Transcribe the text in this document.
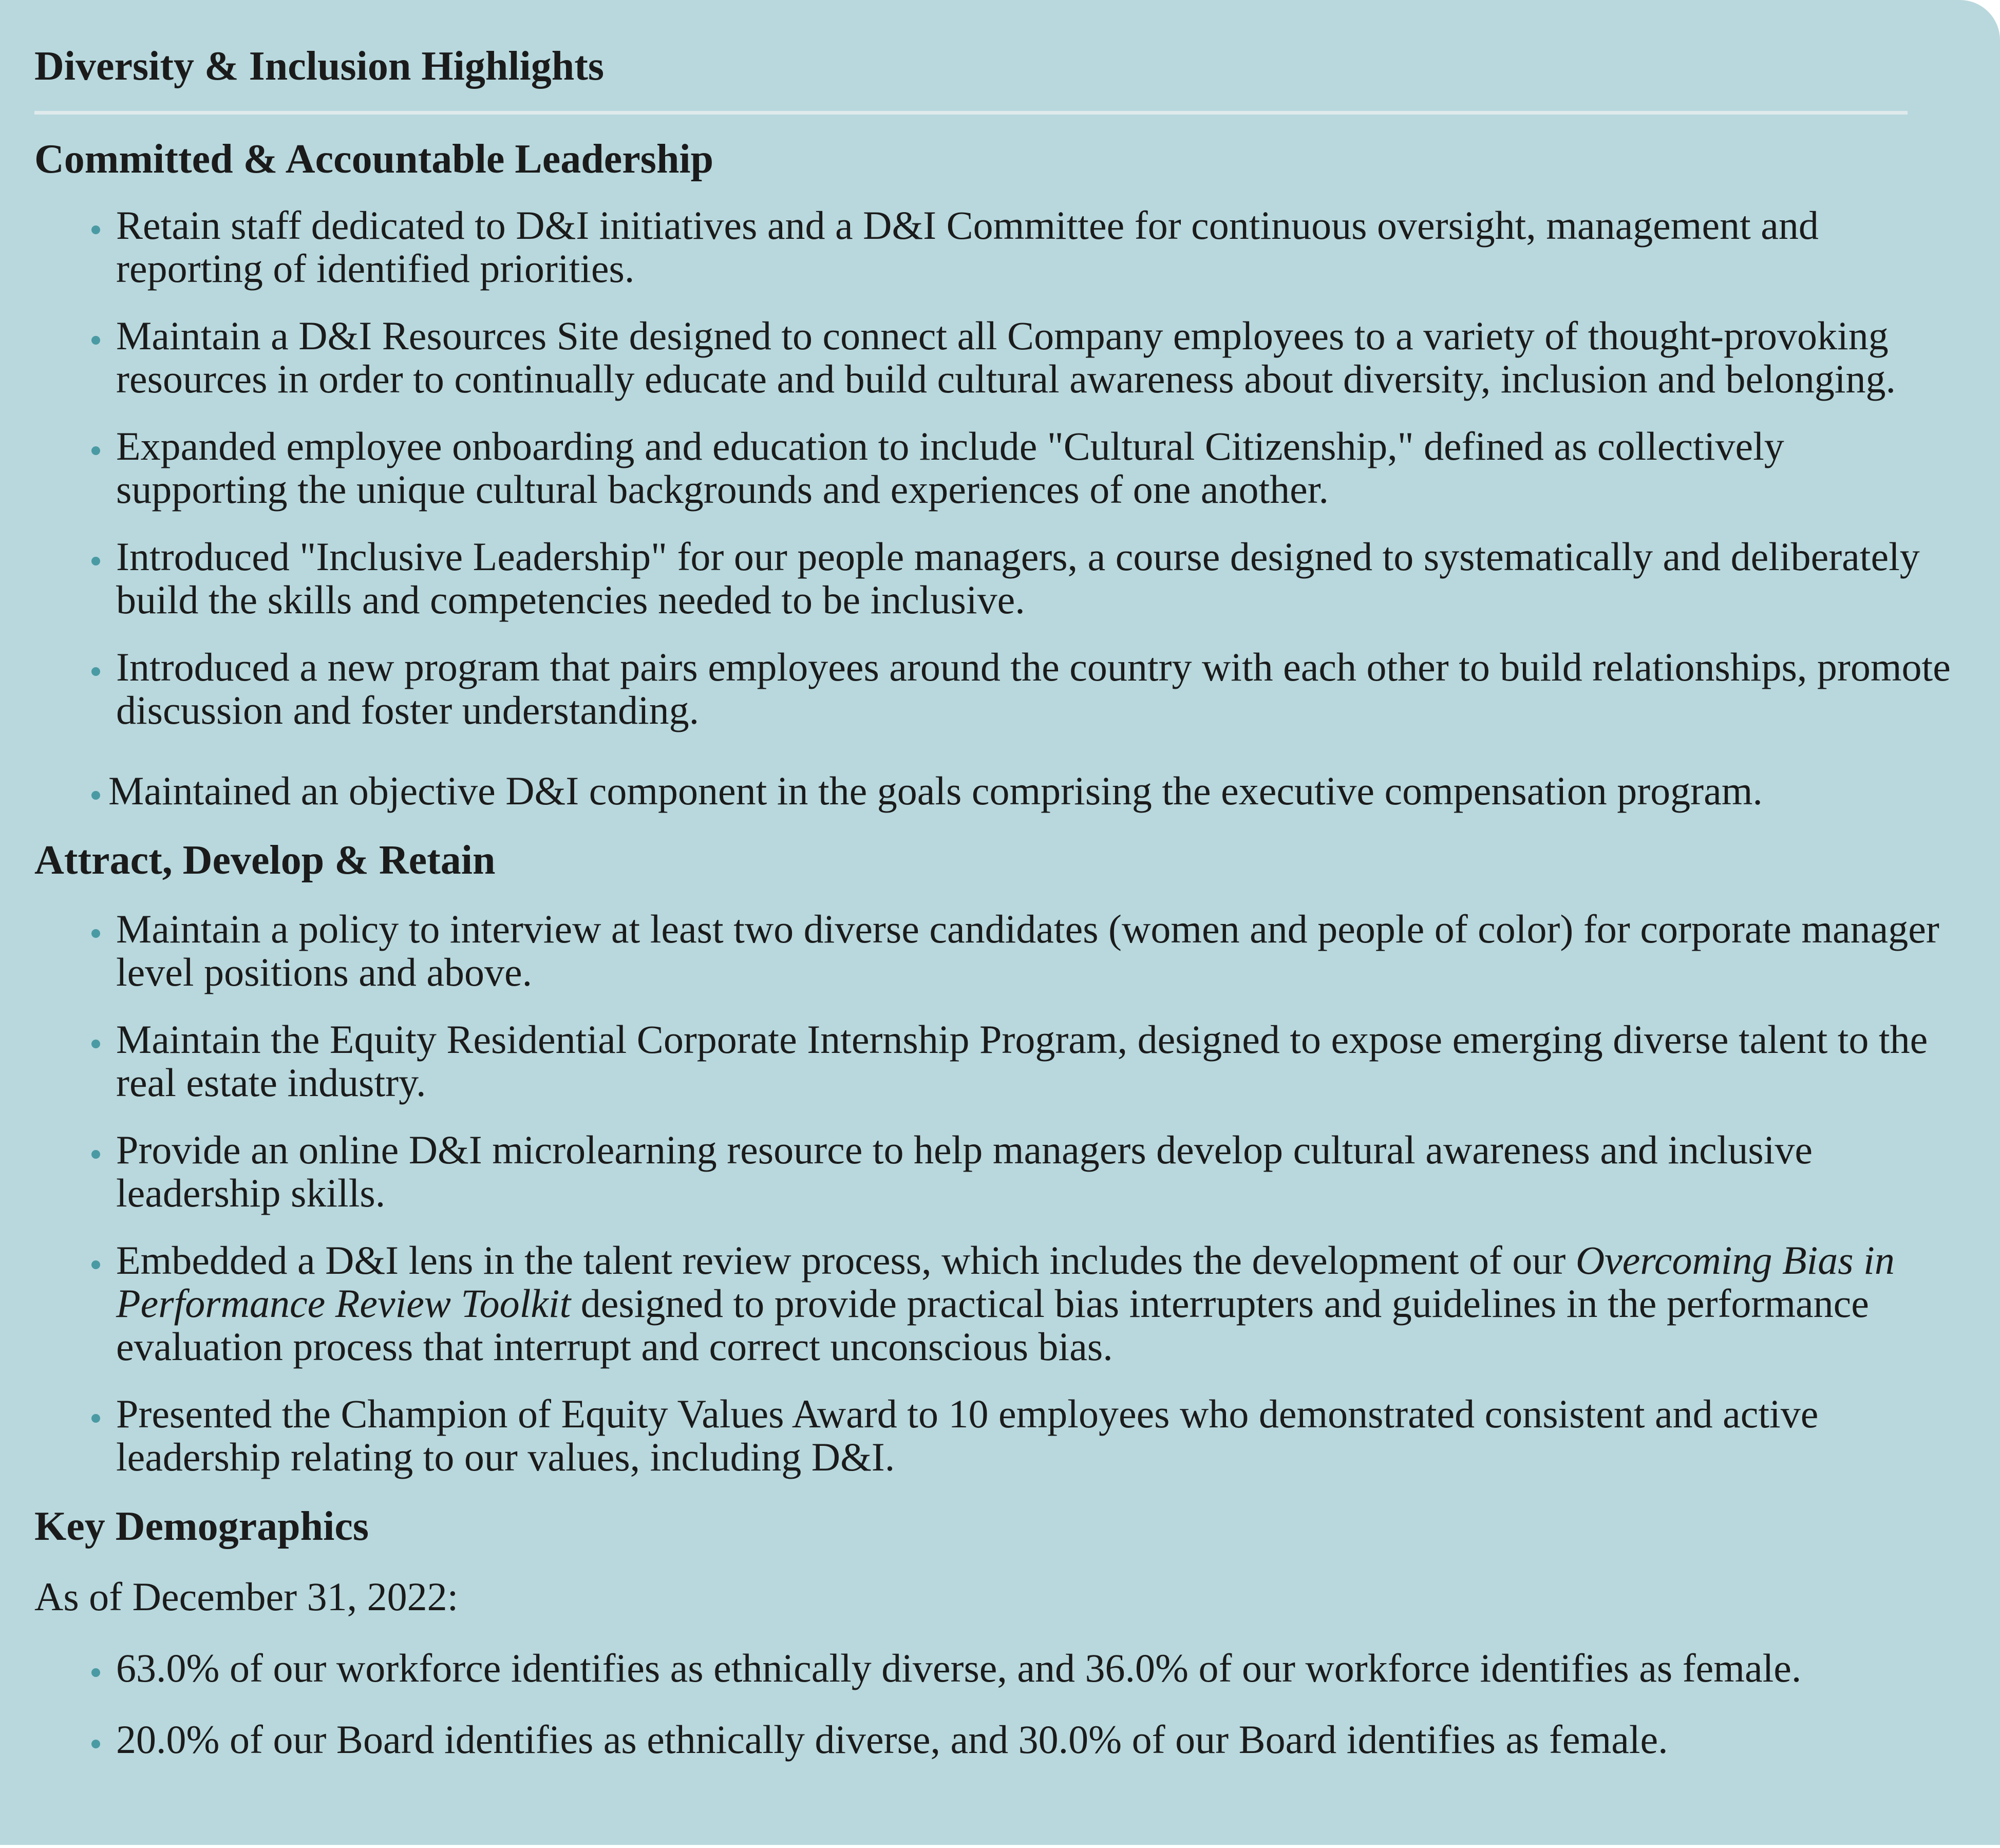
Diversity & Inclusion Highlights
Committed & Accountable Leadership
Retain staff dedicated to D&I initiatives and a D&I Committee for continuous oversight, management and reporting of identified priorities.
Maintain a D&I Resources Site designed to connect all Company employees to a variety of thought-provoking resources in order to continually educate and build cultural awareness about diversity, inclusion and belonging.
Expanded employee onboarding and education to include "Cultural Citizenship," defined as collectively supporting the unique cultural backgrounds and experiences of one another.
Introduced "Inclusive Leadership" for our people managers, a course designed to systematically and deliberately build the skills and competencies needed to be inclusive.
Introduced a new program that pairs employees around the country with each other to build relationships, promote discussion and foster understanding.
Maintained an objective D&I component in the goals comprising the executive compensation program.
Attract, Develop & Retain
Maintain a policy to interview at least two diverse candidates (women and people of color) for corporate manager level positions and above.
Maintain the Equity Residential Corporate Internship Program, designed to expose emerging diverse talent to the real estate industry.
Provide an online D&I microlearning resource to help managers develop cultural awareness and inclusive leadership skills.
Embedded a D&I lens in the talent review process, which includes the development of our Overcoming Bias in Performance Review Toolkit designed to provide practical bias interrupters and guidelines in the performance evaluation process that interrupt and correct unconscious bias.
Presented the Champion of Equity Values Award to 10 employees who demonstrated consistent and active leadership relating to our values, including D&I.
Key Demographics

As of December 31, 2022:

63.0% of our workforce identifies as ethnically diverse, and 36.0% of our workforce identifies as female.
20.0% of our Board identifies as ethnically diverse, and 30.0% of our Board identifies as female.
